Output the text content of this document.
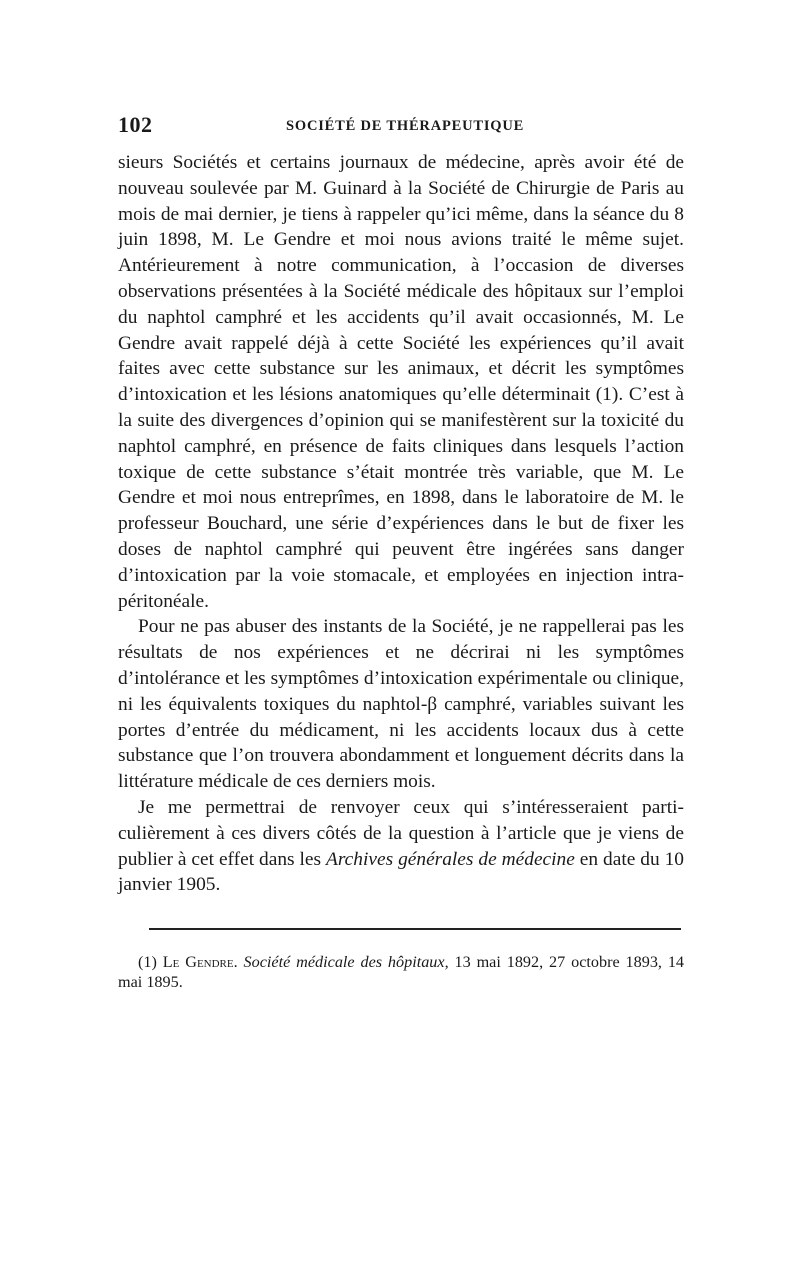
102	SOCIÉTÉ DE THÉRAPEUTIQUE

sieurs Sociétés et certains journaux de médecine, après avoir été de nouveau soulevée par M. Guinard à la Société de Chirurgie de Paris au mois de mai dernier, je tiens à rappeler qu’ici même, dans la séance du 8 juin 1898, M. Le Gendre et moi nous avions traité le même sujet. Antérieurement à notre communication, à l’occasion de diverses observations présentées à la Société médicale des hôpitaux sur l’emploi du naphtol camphré et les accidents qu’il avait occasionnés, M. Le Gendre avait rappelé déjà à cette Société les expériences qu’il avait faites avec cette substance sur les animaux, et décrit les symptômes d’intoxication et les lésions anatomiques qu’elle déterminait (1). C’est à la suite des divergences d’opinion qui se manifestèrent sur la toxicité du naphtol camphré, en présence de faits cliniques dans lesquels l’action toxique de cette substance s’était montrée très variable, que M. Le Gendre et moi nous entreprîmes, en 1898, dans le laboratoire de M. le professeur Bouchard, une série d’expériences dans le but de fixer les doses de naphtol camphré qui peuvent être ingérées sans danger d’intoxication par la voie stomacale, et employées en injection intra-péritonéale.

Pour ne pas abuser des instants de la Société, je ne rappellerai pas les résultats de nos expériences et ne décrirai ni les symptômes d’intolérance et les symptômes d’intoxication expérimentale ou clinique, ni les équivalents toxiques du naphtol-β camphré, variables suivant les portes d’entrée du médicament, ni les accidents locaux dus à cette substance que l’on trouvera abondamment et longuement décrits dans la littérature médicale de ces derniers mois.

Je me permettrai de renvoyer ceux qui s’intéresseraient particulièrement à ces divers côtés de la question à l’article que je viens de publier à cet effet dans les Archives générales de médecine en date du 10 janvier 1905.

(1) Le Gendre. Société médicale des hôpitaux, 13 mai 1892, 27 octobre 1893, 14 mai 1895.
